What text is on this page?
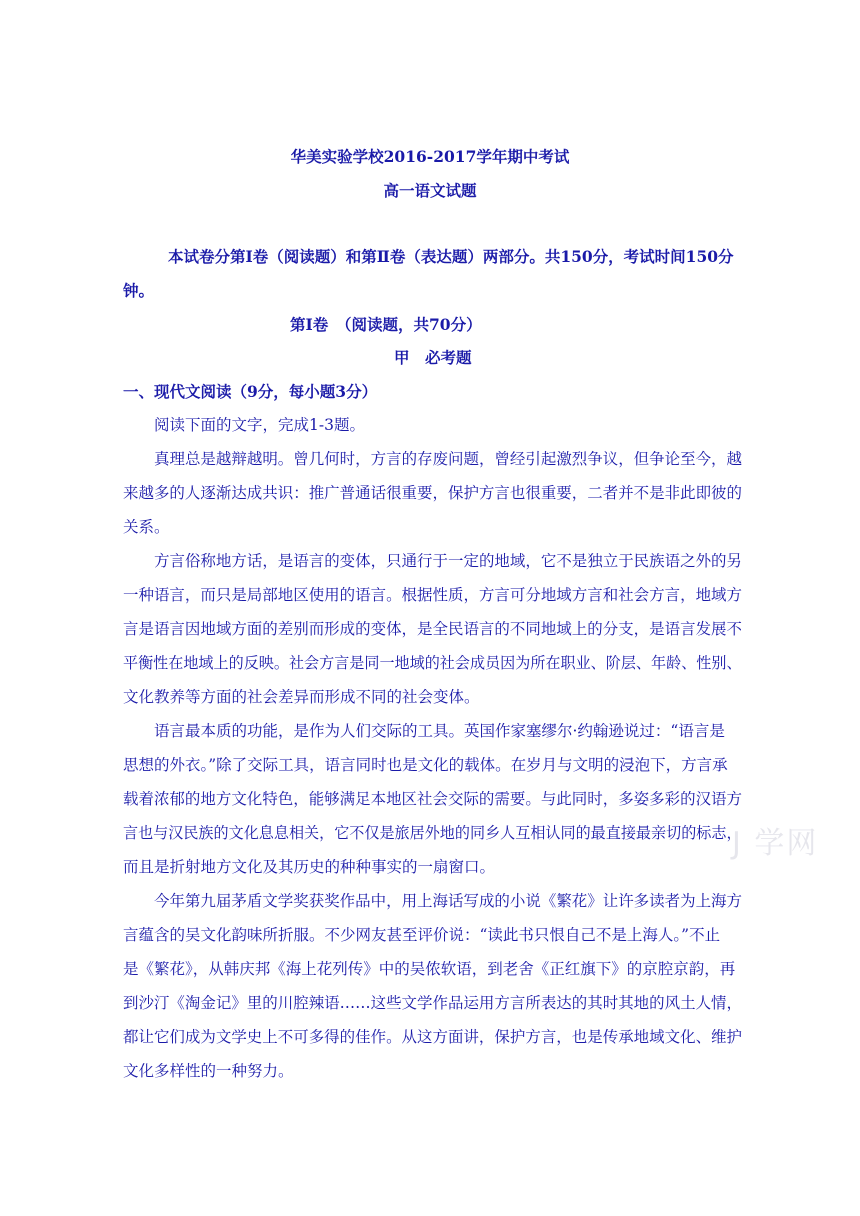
华美实验学校2016-2017学年期中考试
高一语文试题
本试卷分第Ⅰ卷（阅读题）和第Ⅱ卷（表达题）两部分。共150分，考试时间150分
钟。
第Ⅰ卷　（阅读题，共70分）
甲　必考题
一、现代文阅读（9分，每小题3分）
阅读下面的文字，完成1-3题。
真理总是越辩越明。曾几何时，方言的存废问题，曾经引起激烈争议，但争论至今，越
来越多的人逐渐达成共识：推广普通话很重要，保护方言也很重要，二者并不是非此即彼的
关系。
方言俗称地方话，是语言的变体，只通行于一定的地域，它不是独立于民族语之外的另
一种语言，而只是局部地区使用的语言。根据性质，方言可分地域方言和社会方言，地域方
言是语言因地域方面的差别而形成的变体，是全民语言的不同地域上的分支，是语言发展不
平衡性在地域上的反映。社会方言是同一地域的社会成员因为所在职业、阶层、年龄、性别、
文化教养等方面的社会差异而形成不同的社会变体。
语言最本质的功能，是作为人们交际的工具。英国作家塞缪尔·约翰逊说过：“语言是
思想的外衣。”除了交际工具，语言同时也是文化的载体。在岁月与文明的浸泡下，方言承
载着浓郁的地方文化特色，能够满足本地区社会交际的需要。与此同时，多姿多彩的汉语方
言也与汉民族的文化息息相关，它不仅是旅居外地的同乡人互相认同的最直接最亲切的标志，
而且是折射地方文化及其历史的种种事实的一扇窗口。
今年第九届茅盾文学奖获奖作品中，用上海话写成的小说《繁花》让许多读者为上海方
言蕴含的吴文化韵味所折服。不少网友甚至评价说：“读此书只恨自己不是上海人。”不止
是《繁花》，从韩庆邦《海上花列传》中的吴侬软语，到老舍《正红旗下》的京腔京韵，再
到沙汀《淘金记》里的川腔辣语……这些文学作品运用方言所表达的其时其地的风土人情，
都让它们成为文学史上不可多得的佳作。从这方面讲，保护方言，也是传承地域文化、维护
文化多样性的一种努力。
J 学网
